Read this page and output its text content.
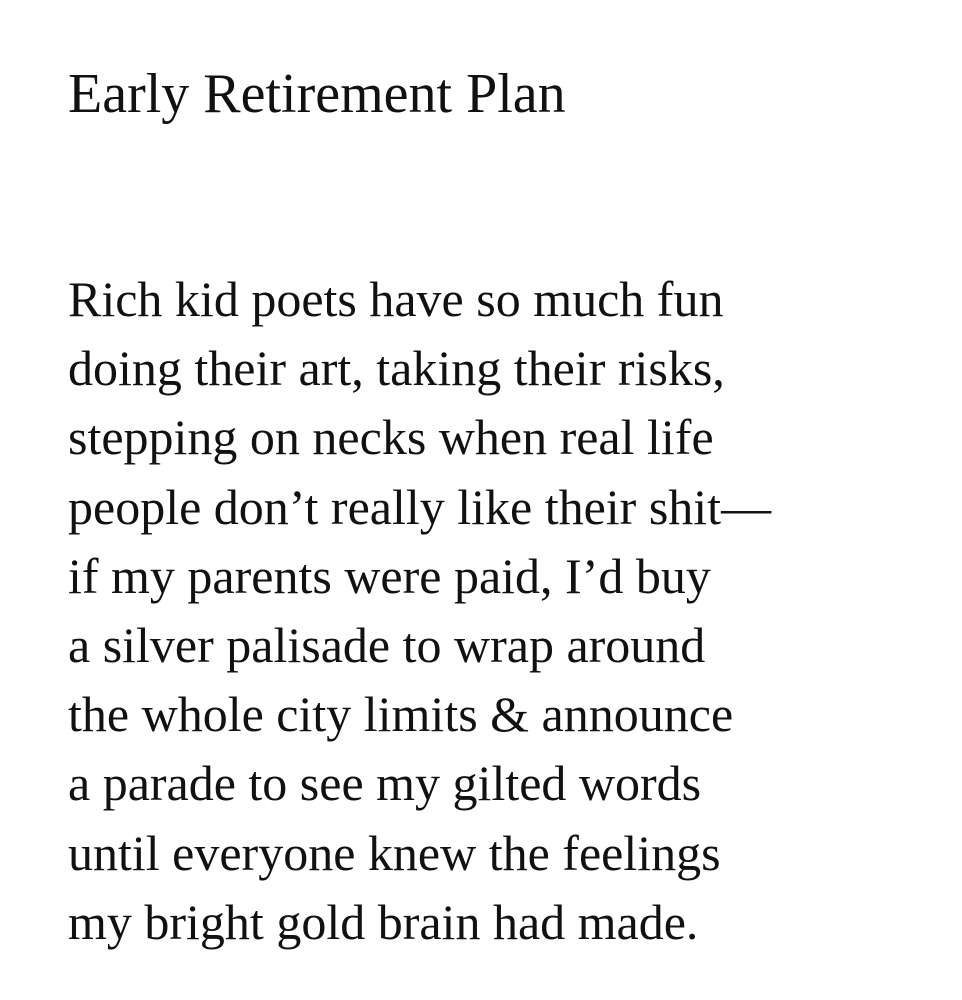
Early Retirement Plan
Rich kid poets have so much fun
doing their art, taking their risks,
stepping on necks when real life
people don’t really like their shit—
if my parents were paid, I’d buy
a silver palisade to wrap around
the whole city limits & announce
a parade to see my gilted words
until everyone knew the feelings
my bright gold brain had made.
